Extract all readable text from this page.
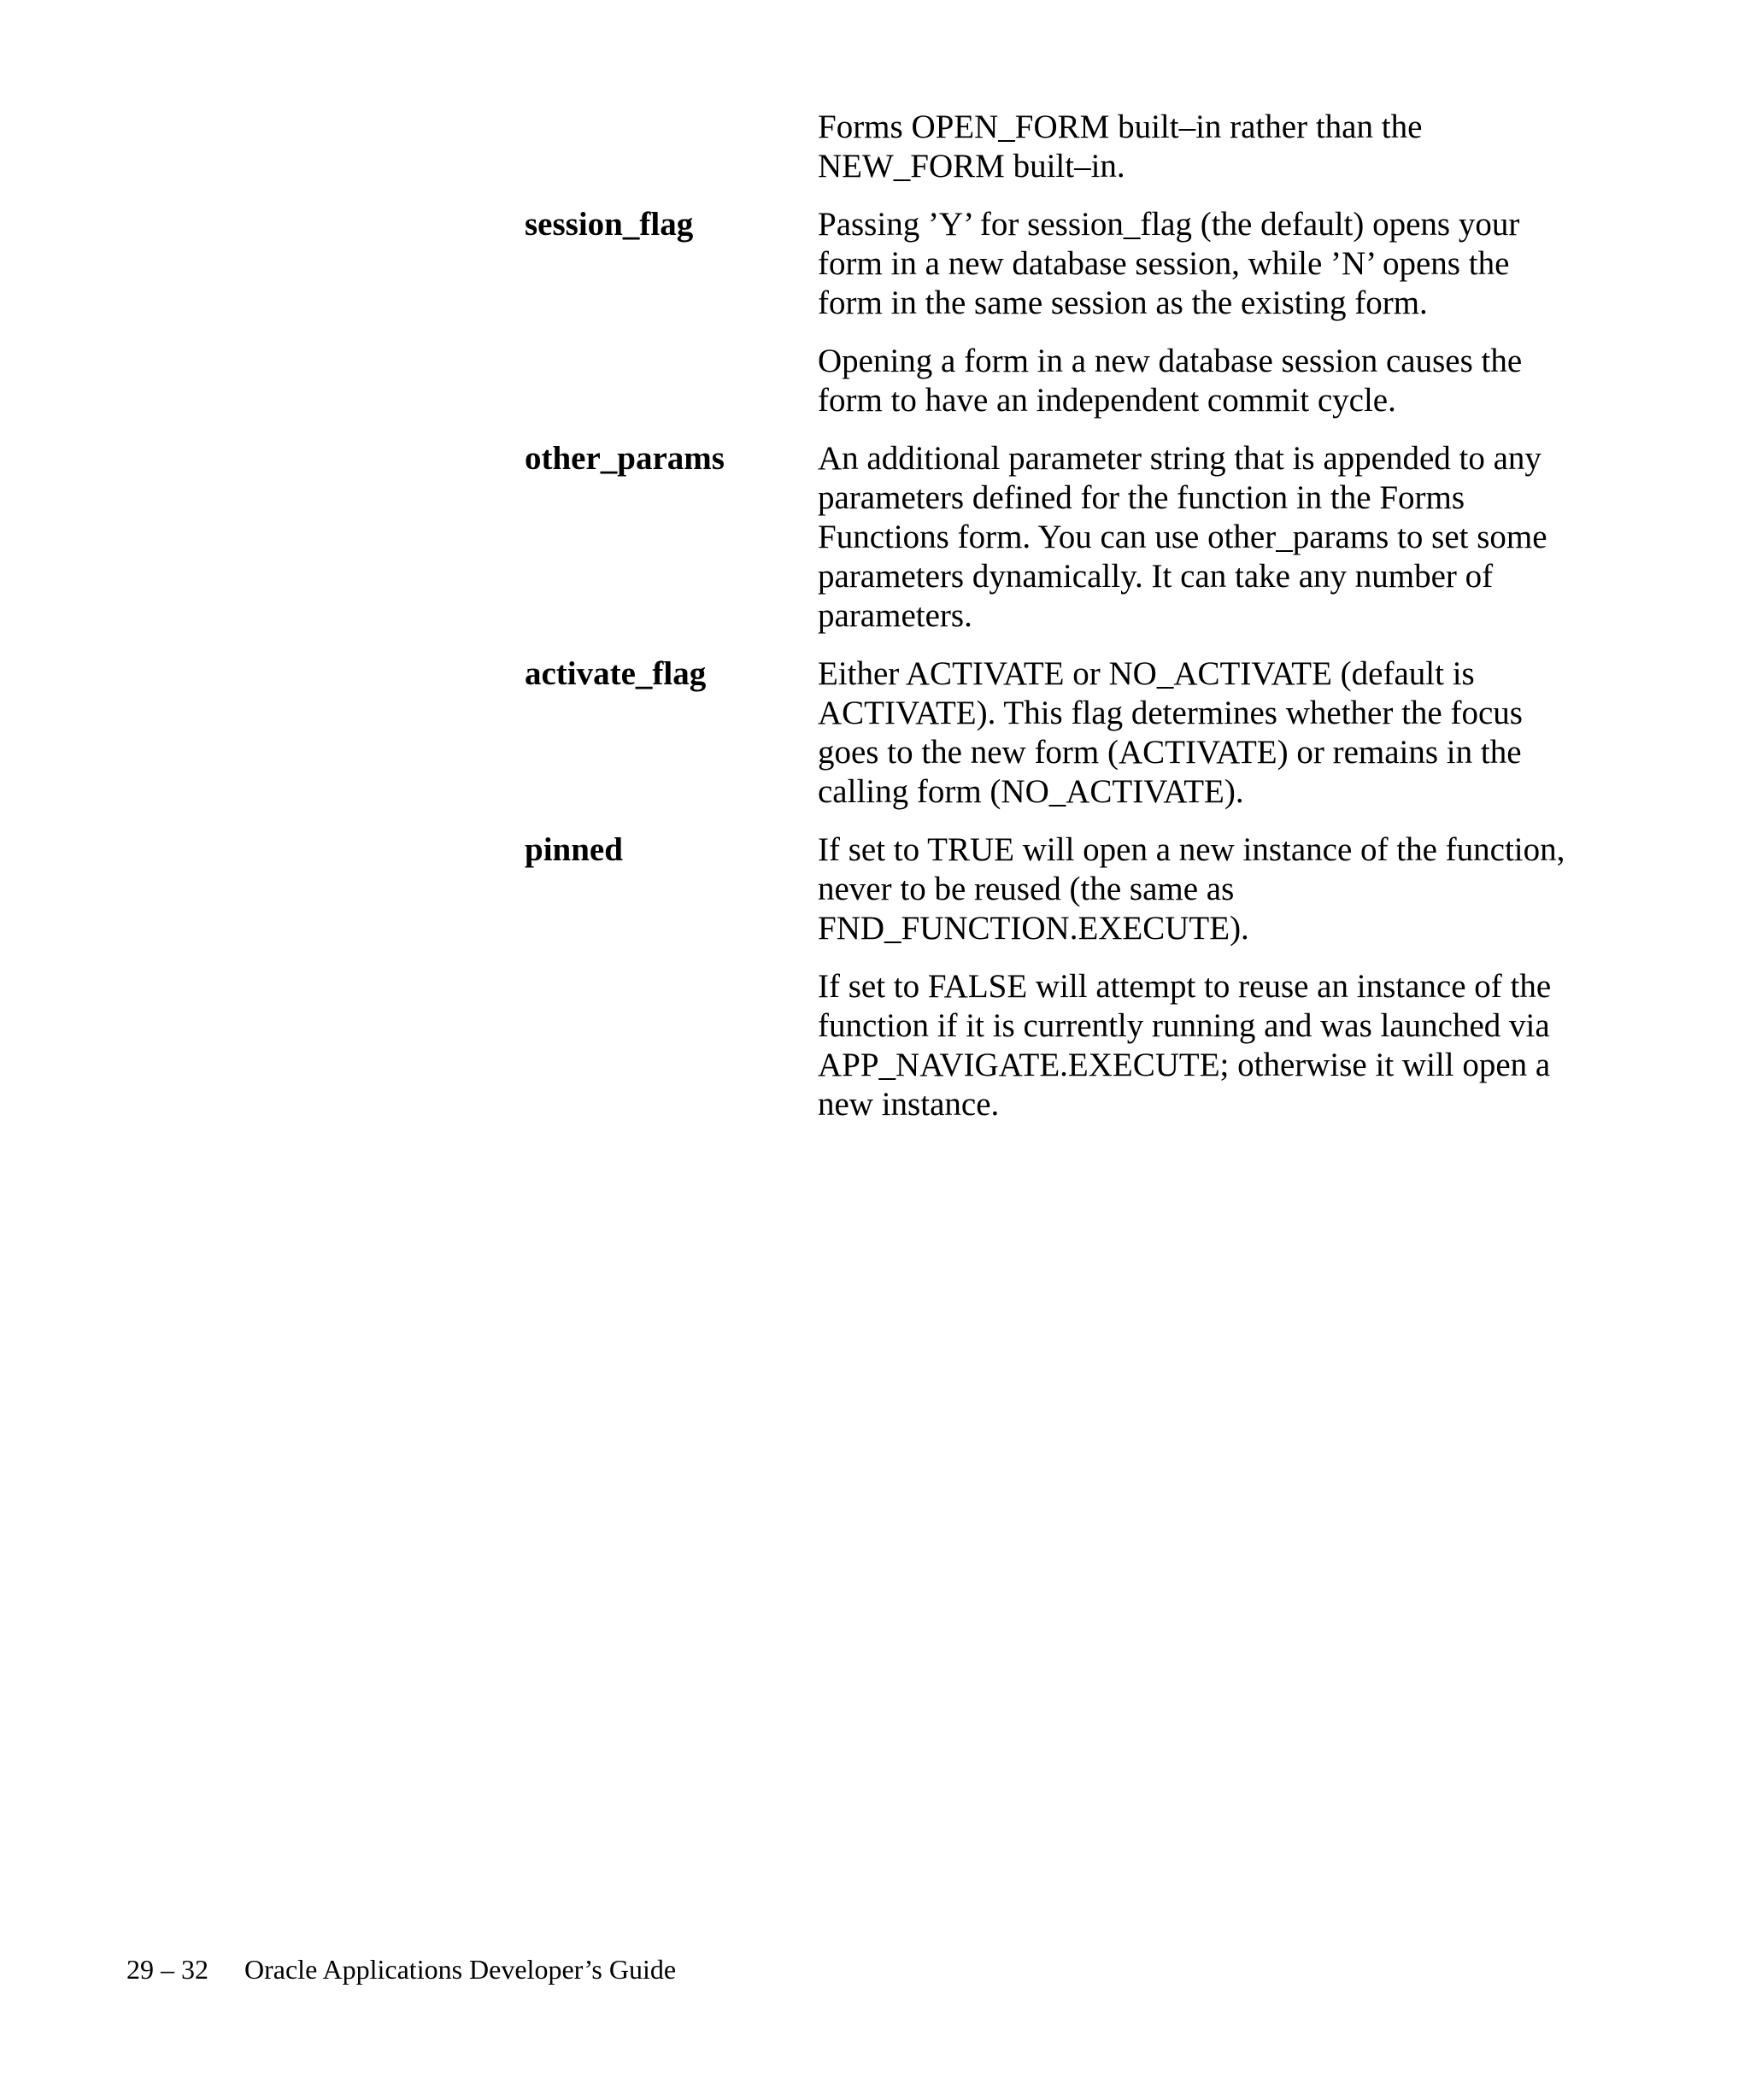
Forms OPEN_FORM built–in rather than the NEW_FORM built–in.

session_flag	Passing ’Y’ for session_flag (the default) opens your form in a new database session, while ’N’ opens the form in the same session as the existing form.

Opening a form in a new database session causes the form to have an independent commit cycle.

other_params	An additional parameter string that is appended to any parameters defined for the function in the Forms Functions form. You can use other_params to set some parameters dynamically. It can take any number of parameters.

activate_flag	Either ACTIVATE or NO_ACTIVATE (default is ACTIVATE). This flag determines whether the focus goes to the new form (ACTIVATE) or remains in the calling form (NO_ACTIVATE).

pinned	If set to TRUE will open a new instance of the function, never to be reused (the same as FND_FUNCTION.EXECUTE).

If set to FALSE will attempt to reuse an instance of the function if it is currently running and was launched via APP_NAVIGATE.EXECUTE; otherwise it will open a new instance.

29 – 32 Oracle Applications Developer’s Guide
